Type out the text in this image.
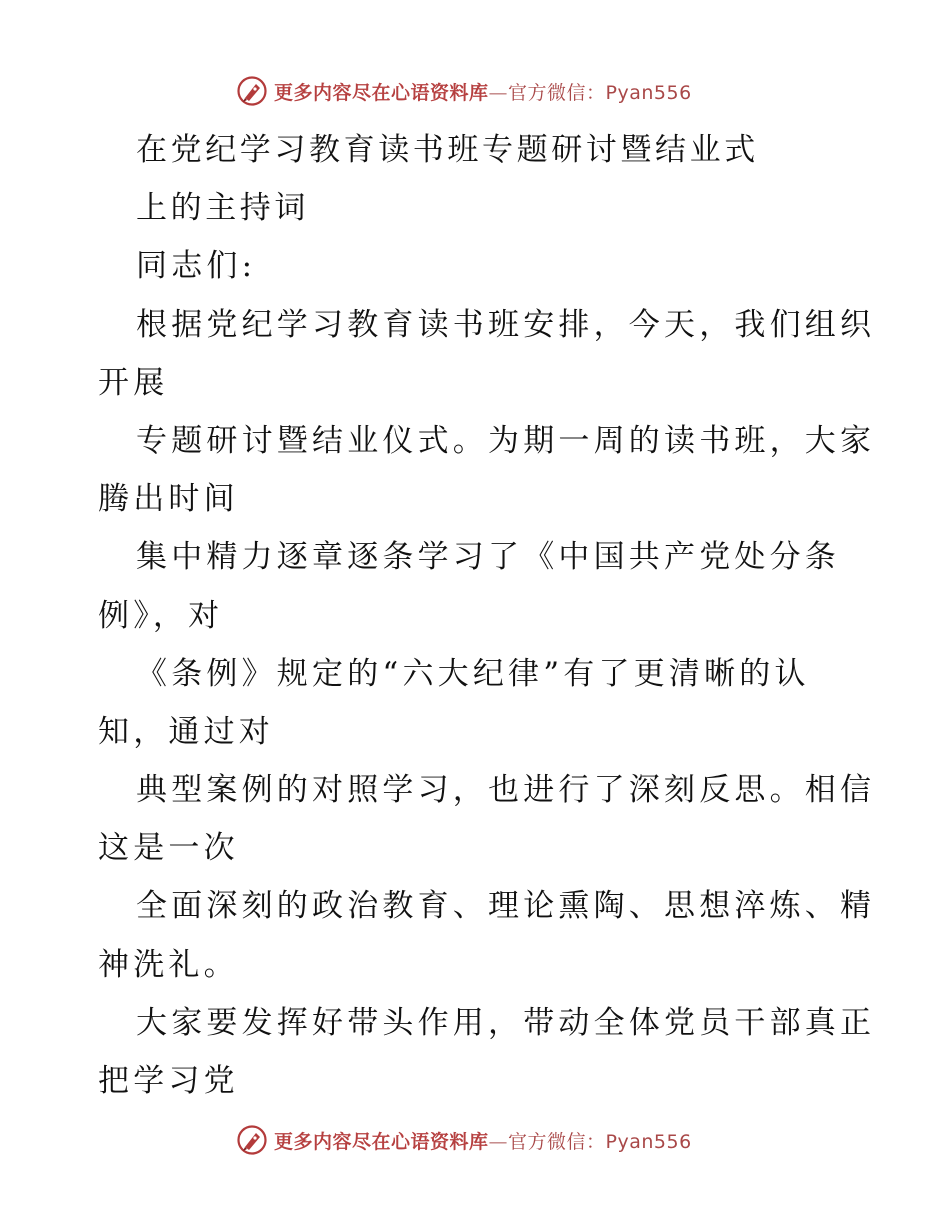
更多内容尽在心语资料库—官方微信：Pyan556
在党纪学习教育读书班专题研讨暨结业式
上的主持词
同志们:
根据党纪学习教育读书班安排，今天，我们组织
开展
专题研讨暨结业仪式。为期一周的读书班，大家
腾出时间
集中精力逐章逐条学习了《中国共产党处分条
例》，对
《条例》规定的“六大纪律”有了更清晰的认
知，通过对
典型案例的对照学习，也进行了深刻反思。相信
这是一次
全面深刻的政治教育、理论熏陶、思想淬炼、精
神洗礼。
大家要发挥好带头作用，带动全体党员干部真正
把学习党
更多内容尽在心语资料库—官方微信：Pyan556
